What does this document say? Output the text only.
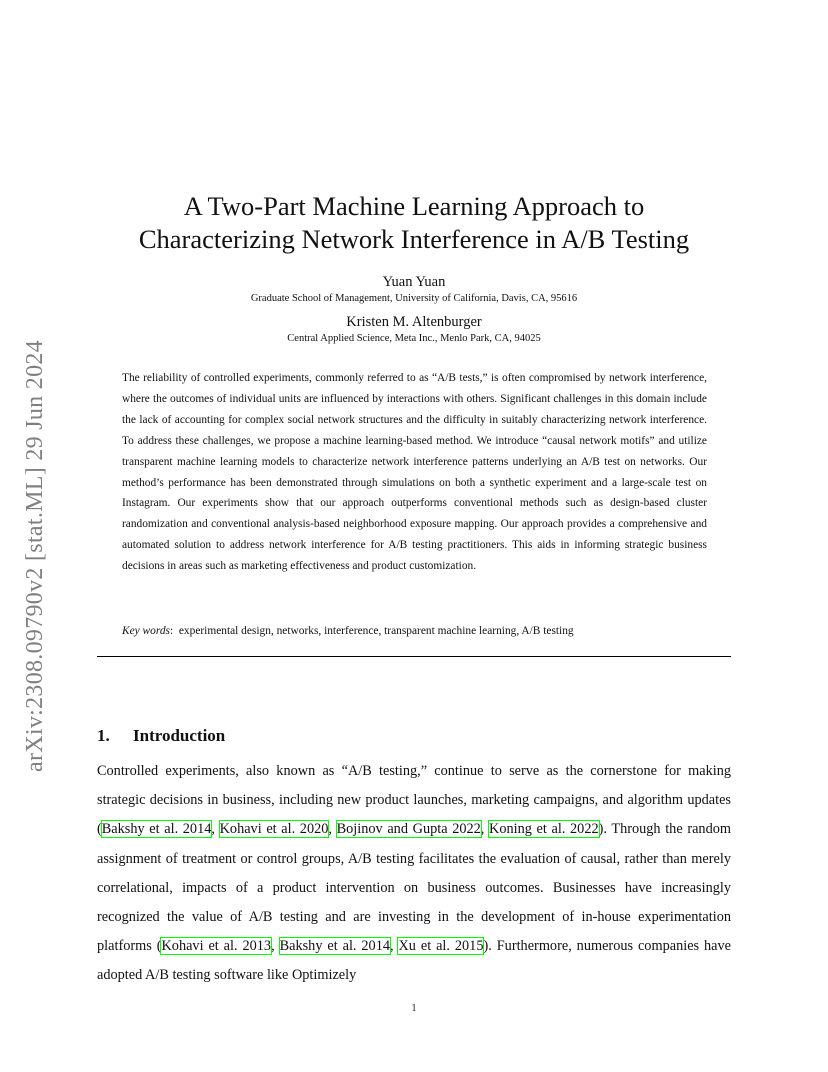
arXiv:2308.09790v2 [stat.ML] 29 Jun 2024
A Two-Part Machine Learning Approach to
Characterizing Network Interference in A/B Testing
Yuan Yuan
Graduate School of Management, University of California, Davis, CA, 95616
Kristen M. Altenburger
Central Applied Science, Meta Inc., Menlo Park, CA, 94025
The reliability of controlled experiments, commonly referred to as “A/B tests,” is often compromised by network interference, where the outcomes of individual units are influenced by interactions with others. Significant challenges in this domain include the lack of accounting for complex social network structures and the difficulty in suitably characterizing network interference. To address these challenges, we propose a machine learning-based method. We introduce “causal network motifs” and utilize transparent machine learning models to characterize network interference patterns underlying an A/B test on networks. Our method’s performance has been demonstrated through simulations on both a synthetic experiment and a large-scale test on Instagram. Our experiments show that our approach outperforms conventional methods such as design-based cluster randomization and conventional analysis-based neighborhood exposure mapping. Our approach provides a comprehensive and automated solution to address network interference for A/B testing practitioners. This aids in informing strategic business decisions in areas such as marketing effectiveness and product customization.
Key words:  experimental design, networks, interference, transparent machine learning, A/B testing
1. Introduction
Controlled experiments, also known as “A/B testing,” continue to serve as the cornerstone for making strategic decisions in business, including new product launches, marketing campaigns, and algorithm updates (Bakshy et al. 2014, Kohavi et al. 2020, Bojinov and Gupta 2022, Koning et al. 2022). Through the random assignment of treatment or control groups, A/B testing facilitates the evaluation of causal, rather than merely correlational, impacts of a product intervention on business outcomes. Businesses have increasingly recognized the value of A/B testing and are investing in the development of in-house experimentation platforms (Kohavi et al. 2013, Bakshy et al. 2014, Xu et al. 2015). Furthermore, numerous companies have adopted A/B testing software like Optimizely
1
